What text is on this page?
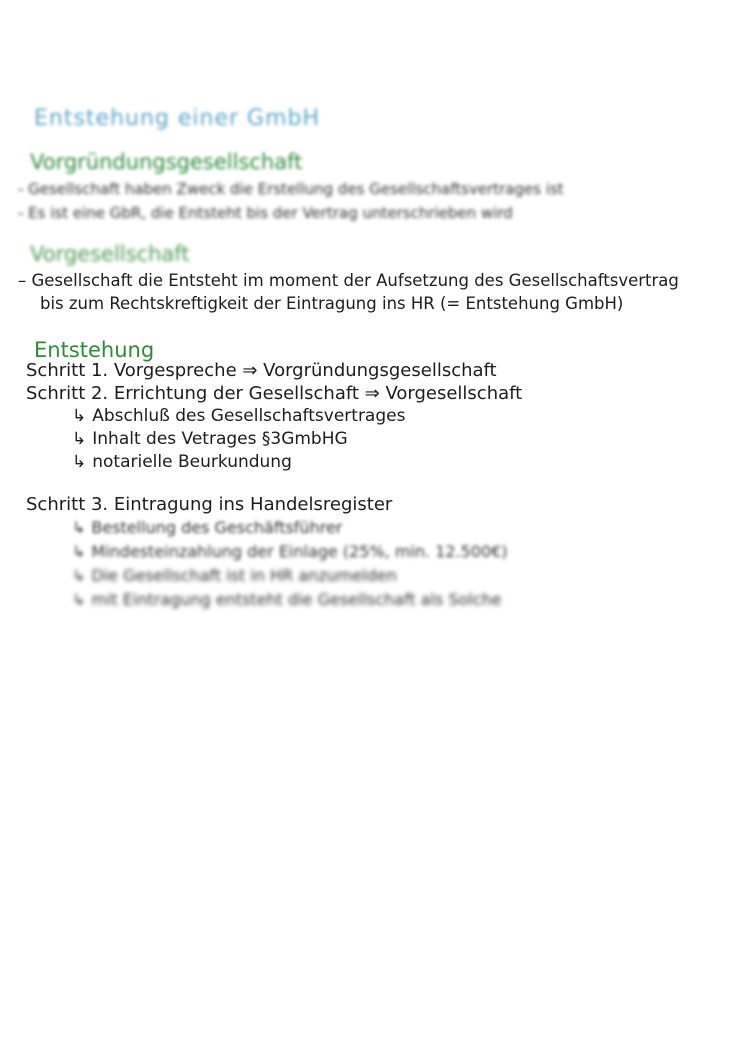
Entstehung einer GmbH
Vorgründungsgesellschaft
- Gesellschaft haben Zweck die Erstellung des Gesellschaftsvertrages ist
- Es ist eine GbR, die Entsteht bis der Vertrag unterschrieben wird
Vorgesellschaft
– Gesellschaft die Entsteht im moment der Aufsetzung des Gesellschaftsvertrag
bis zum Rechtskreftigkeit der Eintragung ins HR (= Entstehung GmbH)
Entstehung
Schritt 1. Vorgespreche ⇒ Vorgründungsgesellschaft
Schritt 2. Errichtung der Gesellschaft ⇒ Vorgesellschaft
↳ Abschluß des Gesellschaftsvertrages
↳ Inhalt des Vetrages §3GmbHG
↳ notarielle Beurkundung
Schritt 3. Eintragung ins Handelsregister
↳ Bestellung des Geschäftsführer
↳ Mindesteinzahlung der Einlage (25%, min. 12.500€)
↳ Die Gesellschaft ist in HR anzumelden
↳ mit Eintragung entsteht die Gesellschaft als Solche
